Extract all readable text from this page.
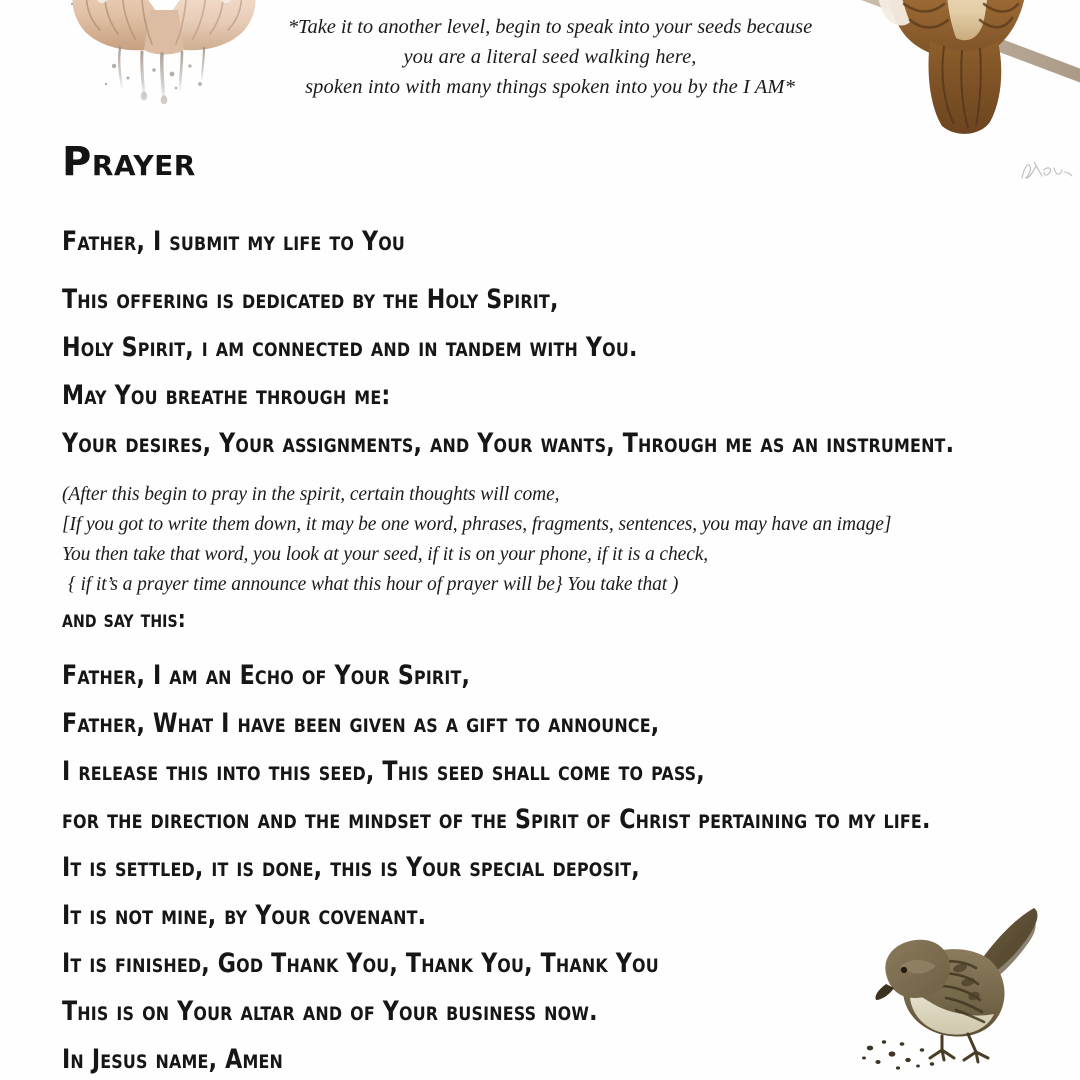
*Take it to another level, begin to speak into your seeds because
you are a literal seed walking here,
spoken into with many things spoken into you by the I AM*
Prayer
Father, I submit my life to You
This offering is dedicated by the Holy Spirit,
Holy Spirit, i am connected and in tandem with You.
May You breathe through me:
Your desires, Your assignments, and Your wants, Through me as an instrument.
(After this begin to pray in the spirit, certain thoughts will come,
[If you got to write them down, it may be one word, phrases, fragments, sentences, you may have an image]
You then take that word, you look at your seed, if it is on your phone, if it is a check,
{ if it’s a prayer time announce what this hour of prayer will be} You take that )
and say this:
Father, I am an Echo of Your Spirit,
Father, What I have been given as a gift to announce,
I release this into this seed, This seed shall come to pass,
for the direction and the mindset of the Spirit of Christ pertaining to my life.
It is settled, it is done, this is Your special deposit,
It is not mine, by Your covenant.
It is finished, God Thank You, Thank You, Thank You
This is on Your altar and of Your business now.
In Jesus name, Amen
